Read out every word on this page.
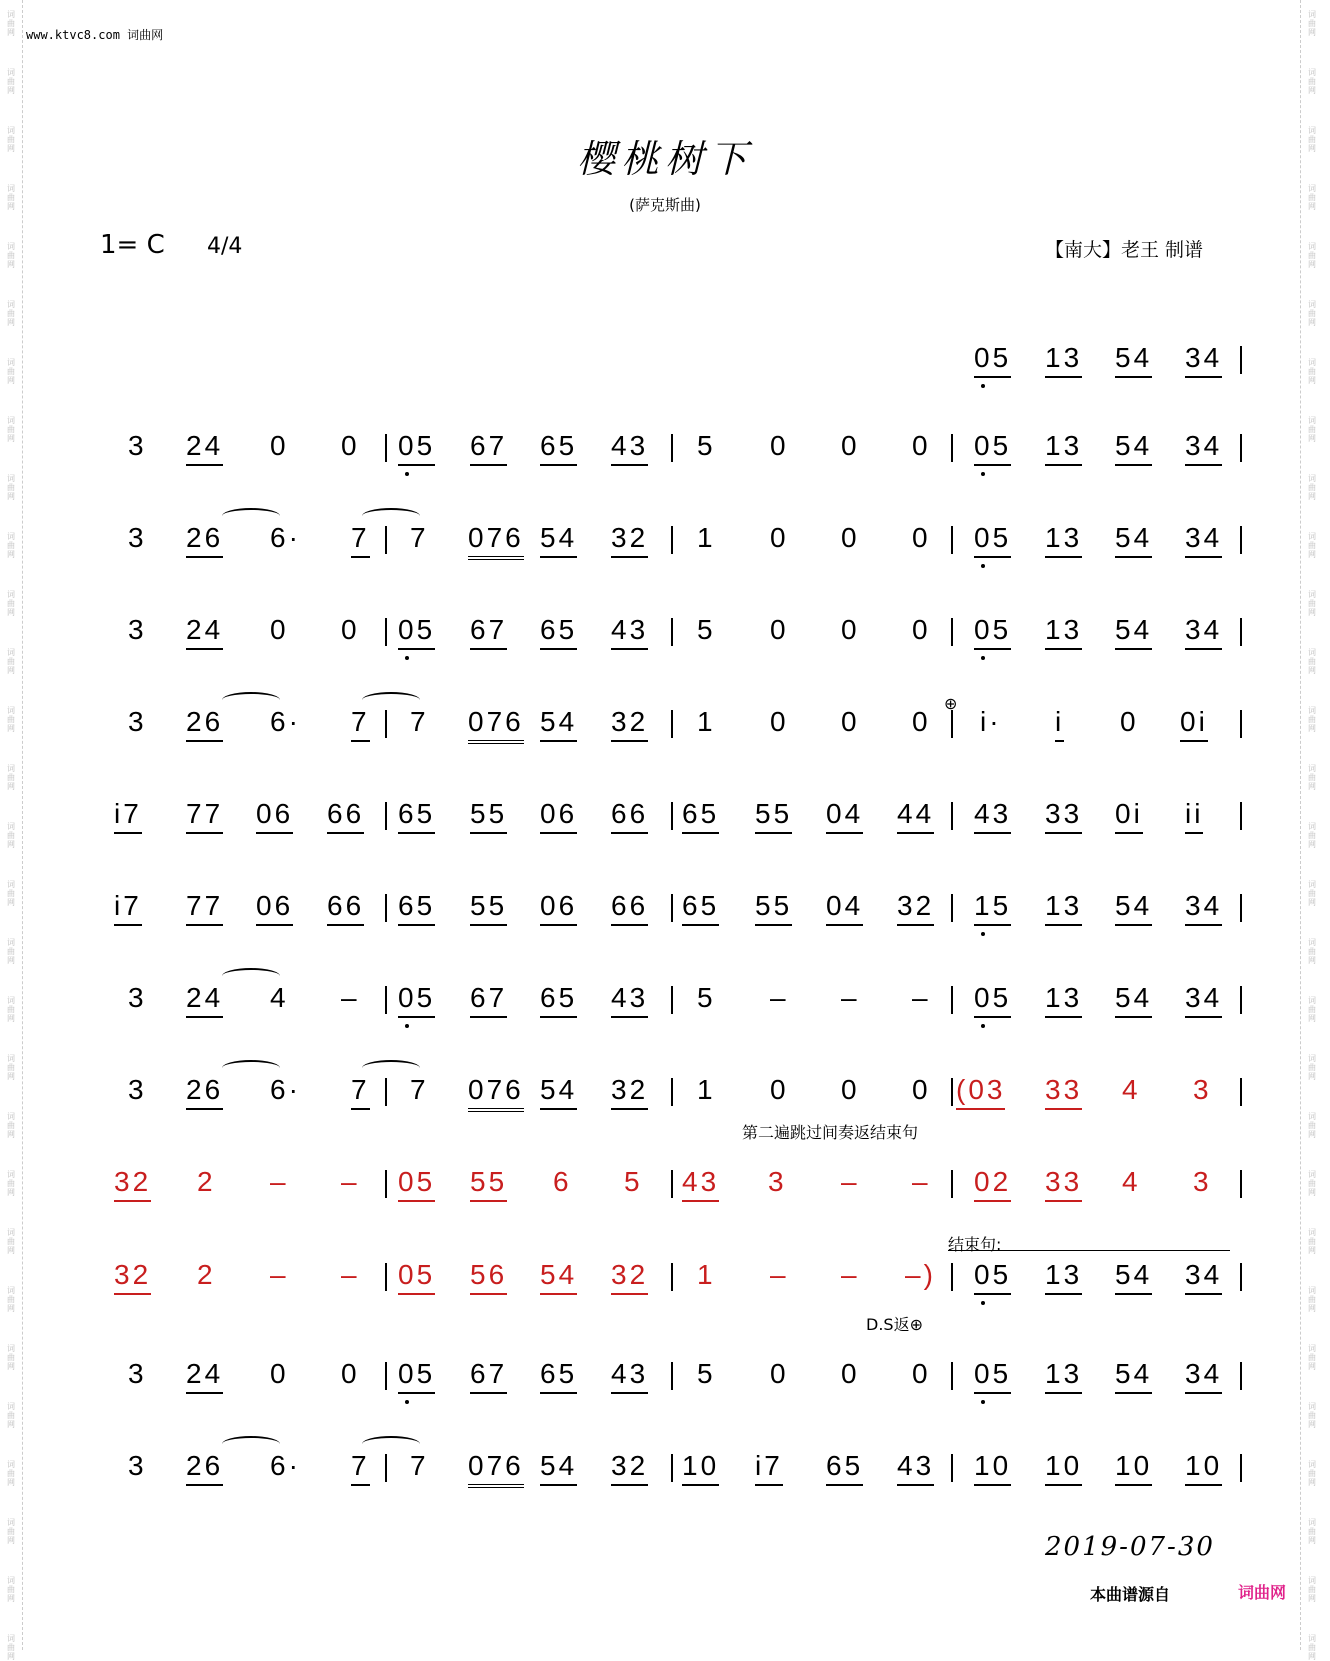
词
曲
网
词
曲
网
词
曲
网
词
曲
网
词
曲
网
词
曲
网
词
曲
网
词
曲
网
词
曲
网
词
曲
网
词
曲
网
词
曲
网
词
曲
网
词
曲
网
词
曲
网
词
曲
网
词
曲
网
词
曲
网
词
曲
网
词
曲
网
词
曲
网
词
曲
网
词
曲
网
词
曲
网
词
曲
网
词
曲
网
词
曲
网
词
曲
网
词
曲
网
词
曲
网
词
曲
网
词
曲
网
词
曲
网
词
曲
网
词
曲
网
词
曲
网
词
曲
网
词
曲
网
词
曲
网
词
曲
网
词
曲
网
词
曲
网
词
曲
网
词
曲
网
词
曲
网
词
曲
网
词
曲
网
词
曲
网
词
曲
网
词
曲
网
词
曲
网
词
曲
网
词
曲
网
词
曲
网
词
曲
网
词
曲
网
词
曲
网
词
曲
网
www.ktvc8.com 词曲网
樱桃树下
(萨克斯曲)
1= C 4/4	【南大】老王 制谱
05 13 54 34
3 24 0 0 05 67 65 43 5 0 0 0 05 13 54 34
3 26 6· 7 7 076 54 32 1 0 0 0 05 13 54 34
3 24 0 0 05 67 65 43 5 0 0 0 05 13 54 34
3 26 6· 7 7 076 54 32 1 0 0 0 i· i 0 0i
i7 77 06 66 65 55 06 66 65 55 04 44 43 33 0i ii
i7 77 06 66 65 55 06 66 65 55 04 32 15 13 54 34
3 24 4 – 05 67 65 43 5 – – – 05 13 54 34
3 26 6· 7 7 076 54 32 1 0 0 0 (03 33 4 3
32 2 – – 05 55 6 5 43 3 – – 02 33 4 3
32 2 – – 05 56 54 32 1 – – –) 05 13 54 34
3 24 0 0 05 67 65 43 5 0 0 0 05 13 54 34
3 26 6· 7 7 076 54 32 10 i7 65 43 10 10 10 10
第二遍跳过间奏返结束句
结束句:
D.S返⊕
⊕
2019-07-30
本曲谱源自	词曲网
